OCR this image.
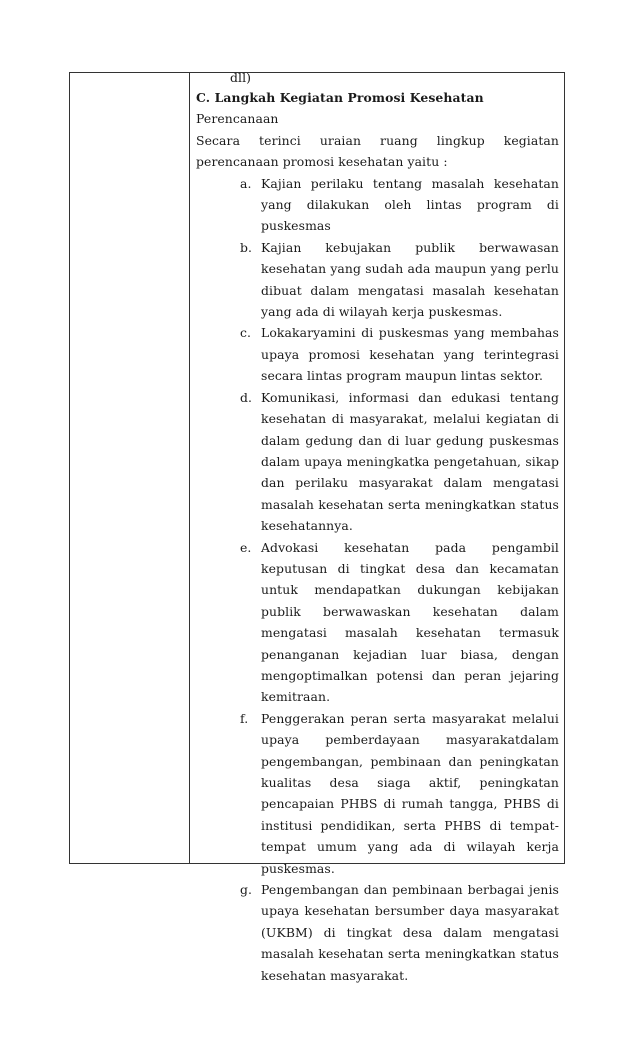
dll)
C. Langkah Kegiatan Promosi Kesehatan
Perencanaan
Secara terinci uraian ruang lingkup kegiatan perencanaan promosi kesehatan yaitu :
a. Kajian perilaku tentang masalah kesehatan yang dilakukan oleh lintas program di puskesmas
b. Kajian kebujakan publik berwawasan kesehatan yang sudah ada maupun yang perlu dibuat dalam mengatasi masalah kesehatan yang ada di wilayah kerja puskesmas.
c. Lokakaryamini di puskesmas yang membahas upaya promosi kesehatan yang terintegrasi secara lintas program maupun lintas sektor.
d. Komunikasi, informasi dan edukasi tentang kesehatan di masyarakat, melalui kegiatan di dalam gedung dan di luar gedung puskesmas dalam upaya meningkatka pengetahuan, sikap dan perilaku masyarakat dalam mengatasi masalah kesehatan serta meningkatkan status kesehatannya.
e. Advokasi kesehatan pada pengambil keputusan di tingkat desa dan kecamatan untuk mendapatkan dukungan kebijakan publik berwawaskan kesehatan dalam mengatasi masalah kesehatan termasuk penanganan kejadian luar biasa, dengan mengoptimalkan potensi dan peran jejaring kemitraan.
f. Penggerakan peran serta masyarakat melalui upaya pemberdayaan masyarakatdalam pengembangan, pembinaan dan peningkatan kualitas desa siaga aktif, peningkatan pencapaian PHBS di rumah tangga, PHBS di institusi pendidikan, serta PHBS di tempat-tempat umum yang ada di wilayah kerja puskesmas.
g. Pengembangan dan pembinaan berbagai jenis upaya kesehatan bersumber daya masyarakat (UKBM) di tingkat desa dalam mengatasi masalah kesehatan serta meningkatkan status kesehatan masyarakat.
